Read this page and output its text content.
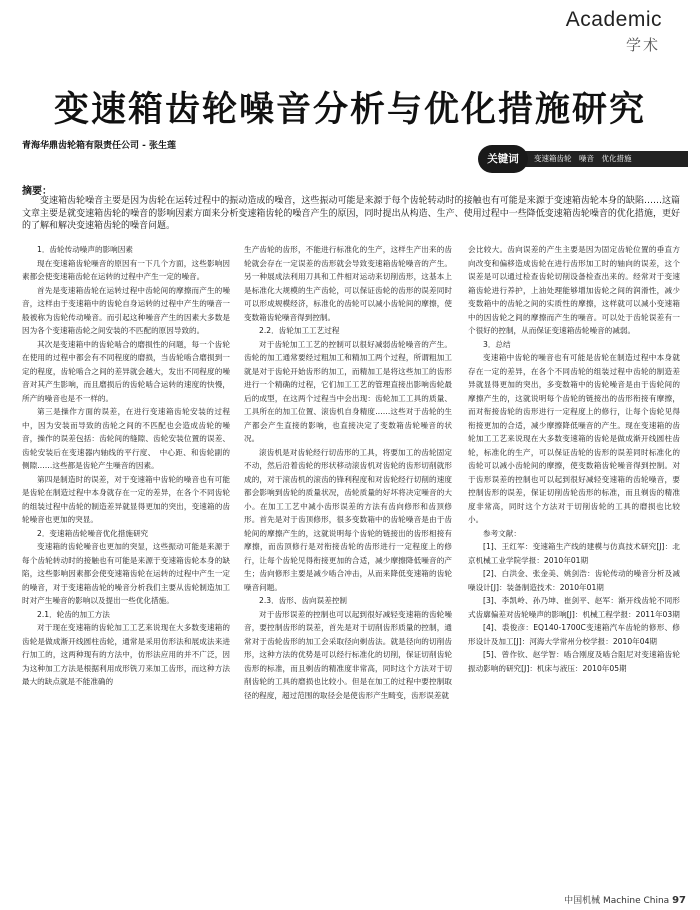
Academic
学术
变速箱齿轮噪音分析与优化措施研究
青海华鼎齿轮箱有限责任公司 - 张生莲
变速箱齿轮　噪音　优化措施
关键词
摘要：
变速箱齿轮噪音主要是因为齿轮在运转过程中的振动造成的噪音，这些振动可能是来源于每个齿轮转动时的接触也有可能是来源于变速箱齿轮本身的缺陷……这篇文章主要是就变速箱齿轮的噪音的影响因素方面来分析变速箱齿轮的噪音产生的原因，同时提出从构造、生产、使用过程中一些降低变速箱齿轮噪音的优化措施，更好的了解和解决变速箱齿轮的噪音问题。

1．齿轮传动噪声的影响因素

现在变速箱齿轮噪音的原因有一下几个方面，这些影响因素都会使变速箱齿轮在运转的过程中产生一定的噪音。

首先是变速箱齿轮在运转过程中齿轮间的摩擦而产生的噪音，这样由于变速箱中的齿轮自身运转的过程中产生的噪音一般被称为齿轮传动噪音。而引起这种噪音产生的因素大多数是因为各个变速箱齿轮之间安装的不匹配的原因导致的。

其次是变速箱中的齿轮啮合的磨损性的问题，每一个齿轮在使用的过程中都会有不同程度的磨损，当齿轮啮合磨损到一定的程度，齿轮啮合之间的差异就会越大，发出不同程度的噪音对其产生影响，而且磨损后的齿轮啮合运转的速度的快慢，所产的噪音也是不一样的。

第三是操作方面的误差，在进行变速箱齿轮安装的过程中，因为安装而导致的齿轮之间的不匹配也会造成齿轮的噪音，操作的误差包括：齿轮间的缝隙、齿轮安装位置的误差、齿轮安装后在变速器内轴线的平行度、　中心距、和齿轮副的侧隙……这些都是齿轮产生噪音的因素。

第四是制造时的误差，对于变速箱中齿轮的噪音也有可能是齿轮在制造过程中本身就存在一定的差异，在各个不同齿轮的组装过程中齿轮的制造差异就显得更加的突出，变速箱的齿轮噪音也更加的突显。

2．变速箱齿轮噪音优化措施研究

变速箱的齿轮噪音也更加的突显，这些振动可能是来源于每个齿轮转动时的接触也有可能是来源于变速箱齿轮本身的缺陷，这些影响因素都会使变速箱齿轮在运转的过程中产生一定的噪音，对于变速箱齿轮的噪音分析我们主要从齿轮制造加工时对产生噪音的影响以及提出一些优化措施。

2.1．轮齿的加工方法

对于现在变速箱的齿轮加工工艺来说现在大多数变速箱的齿轮是做成渐开线圆柱齿轮，通常是采用仿形法和展成法来进行加工的，这两种现有的方法中，仿形法应用的并不广泛，因为这种加工方法是根据利用成形铣刀来加工齿形，而这种方法最大的缺点就是不能准确的

生产齿轮的齿形，不能进行标准化的生产，这样生产出来的齿轮就会存在一定误差的齿形就会导致变速箱齿轮噪音的产生。另一种展成法利用刀具和工件相对运动来切削齿形，这基本上是标准化大规模的生产齿轮，可以保证齿轮的齿形的误差同时可以形成规模经济，标准化的齿轮可以减小齿轮间的摩擦，使变数箱齿轮噪音得到控制。

2.2．齿轮加工工艺过程

对于齿轮加工工艺的控制可以很好减弱齿轮噪音的产生。齿轮的加工通常要经过粗加工和精加工两个过程，所谓粗加工就是对于齿轮开始齿形的加工，而精加工是将这些加工的齿形进行一个精确的过程，它们加工工艺的管理直接出影响齿轮最后的成型，在这两个过程当中会出现：齿轮加工工具的质量、工具所在的加工位置、滚齿机自身精度……这些对于齿轮的生产都会产生直接的影响，也直接决定了变数箱齿轮噪音的状况。

滚齿机是对齿轮经行切齿形的工具，将要加工的齿轮固定不动，然后沿着齿轮的形状移动滚齿机对齿轮的齿形切削就形成的，对于滚齿机的滚齿的锋利程度和对齿轮经行切削的速度都会影响到齿轮的质量状况，齿轮质量的好坏将决定噪音的大小。在加工工艺中减小齿形误差的方法有齿向修形和齿顶修形。首先是对于齿顶修形，很多变数箱中的齿轮噪音是由于齿轮间的摩擦产生的，这就说明每个齿轮的链接出的齿形相接有摩擦，而齿顶修行是对衔接齿轮的齿形进行一定程度上的修行，让每个齿轮见得衔接更加的合适，减少摩擦降低噪音的产生；齿向修形主要是减少啮合冲击，从而来降低变速箱的齿轮噪音问题。

2.3．齿形、齿向误差控制

对于齿形误差的控制也可以起到很好减轻变速箱的齿轮噪音，要控制齿形的误差，首先是对于切削齿形质量的控制，通常对于齿轮齿形的加工会采取径向剃齿法。就是径向的切削齿形，这种方法的优势是可以经行标准化的切削，保证切削齿轮齿形的标准，而且剃齿的精准度非常高，同时这个方法对于切削齿轮的工具的磨损也比较小。但是在加工的过程中要控制取径的程度，超过范围的取径会是使齿形产生畸变，齿形误差就

会比较大。齿向误差的产生主要是因为固定齿轮位置的垂直方向改变和偏移造成齿轮在进行齿形加工时的轴向的误差，这个误差是可以通过检查齿轮切削设备检查出来的。经常对于变速箱齿轮进行养护，上油处理能够增加齿轮之间的润滑性，减少变数箱中的齿轮之间的实质性的摩擦，这样就可以减小变速箱中的因齿轮之间的摩擦而产生的噪音。可以处于齿轮误差有一个很好的控制，从而保证变速箱齿轮噪音的减弱。

3．总结

变速箱中齿轮的噪音也有可能是齿轮在制造过程中本身就存在一定的差异，在各个不同齿轮的组装过程中齿轮的制造差异就显得更加的突出，多变数箱中的齿轮噪音是由于齿轮间的摩擦产生的，这就说明每个齿轮的链接出的齿形衔接有摩擦，而对衔接齿轮的齿形进行一定程度上的修行，让每个齿轮见得衔接更加的合适，减少摩擦降低噪音的产生。现在变速箱的齿轮加工工艺来说现在大多数变速箱的齿轮是做成渐开线圆柱齿轮，标准化的生产，可以保证齿轮的齿形的误差同时标准化的齿轮可以减小齿轮间的摩擦，使变数箱齿轮噪音得到控制。对于齿形误差的控制也可以起到很好减轻变速箱的齿轮噪音，要控制齿形的误差，保证切削齿轮齿形的标准，而且剃齿的精准度非常高，同时这个方法对于切削齿轮的工具的磨损也比较小。

参考文献：

[1]、王红军：变速箱生产线的建模与仿真技术研究[J]：北京机械工业学院学报：2010年01期

[2]、白洪金、张金美、姚剑浩：齿轮传动的噪音分析及减噪设计[J]：装备制造技术：2010年01期

[3]、李凯岭、孙乃坤、崔剑平、赵军：渐开线齿轮不同形式齿廓偏差对齿轮噪声的影响[J]：机械工程学报：2011年03期

[4]、裘俊彦：EQ140-1700C变速箱汽车齿轮的修形、修形设计及加工[J]：河海大学常州分校学报：2010年04期

[5]、曾作钦、赵学智：啮合刚度及啮合阻尼对变速箱齿轮振动影响的研究[J]：机床与液压：2010年05期

中国机械 Machine China 97
